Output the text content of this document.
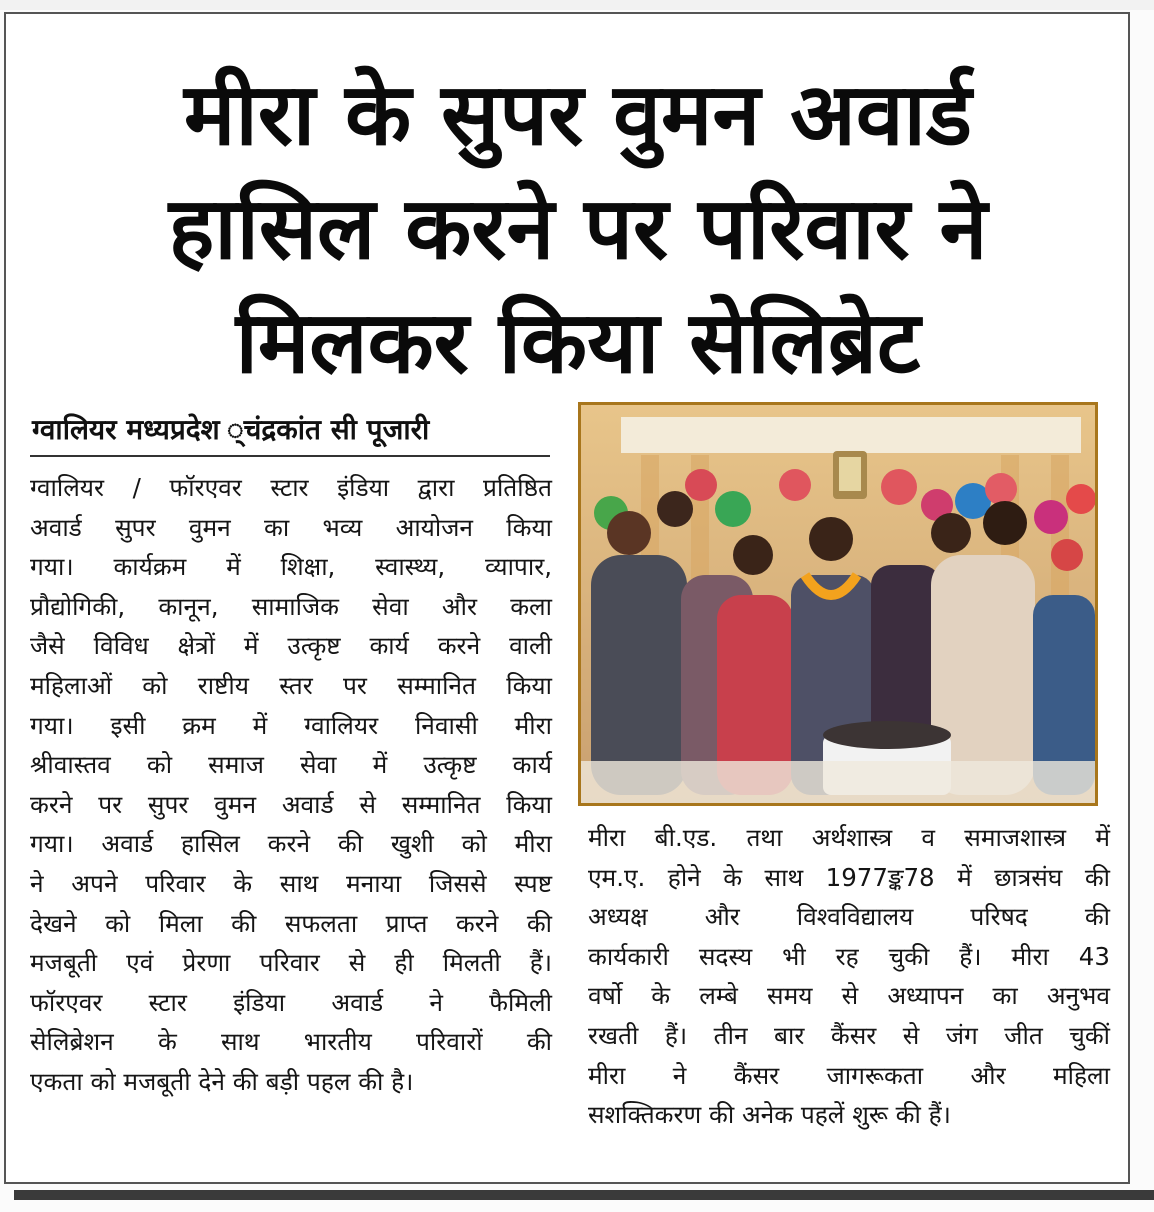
मीरा के सुपर वुमन अवार्ड
हासिल करने पर परिवार ने
मिलकर किया सेलिब्रेट
ग्वालियर मध्यप्रदेश ्चंद्रकांत सी पूजारी
ग्वालियर / फॉरएवर स्टार इंडिया द्वारा प्रतिष्ठित
अवार्ड सुपर वुमन का भव्य आयोजन किया
गया। कार्यक्रम में शिक्षा, स्वास्थ्य, व्यापार,
प्रौद्योगिकी, कानून, सामाजिक सेवा और कला
जैसे विविध क्षेत्रों में उत्कृष्ट कार्य करने वाली
महिलाओं को राष्टीय स्तर पर सम्मानित किया
गया। इसी क्रम में ग्वालियर निवासी मीरा
श्रीवास्तव को समाज सेवा में उत्कृष्ट कार्य
करने पर सुपर वुमन अवार्ड से सम्मानित किया
गया। अवार्ड हासिल करने की खुशी को मीरा
ने अपने परिवार के साथ मनाया जिससे स्पष्ट
देखने को मिला की सफलता प्राप्त करने की
मजबूती एवं प्रेरणा परिवार से ही मिलती हैं।
फॉरएवर स्टार इंडिया अवार्ड ने फैमिली
सेलिब्रेशन के साथ भारतीय परिवारों की
एकता को मजबूती देने की बड़ी पहल की है।
मीरा बी.एड. तथा अर्थशास्त्र व समाजशास्त्र में
एम.ए. होने के साथ 1977ङ्क78 में छात्रसंघ की
अध्यक्ष और विश्वविद्यालय परिषद की
कार्यकारी सदस्य भी रह चुकी हैं। मीरा 43
वर्षो के लम्बे समय से अध्यापन का अनुभव
रखती हैं। तीन बार कैंसर से जंग जीत चुकीं
मीरा ने कैंसर जागरूकता और महिला
सशक्तिकरण की अनेक पहलें शुरू की हैं।
